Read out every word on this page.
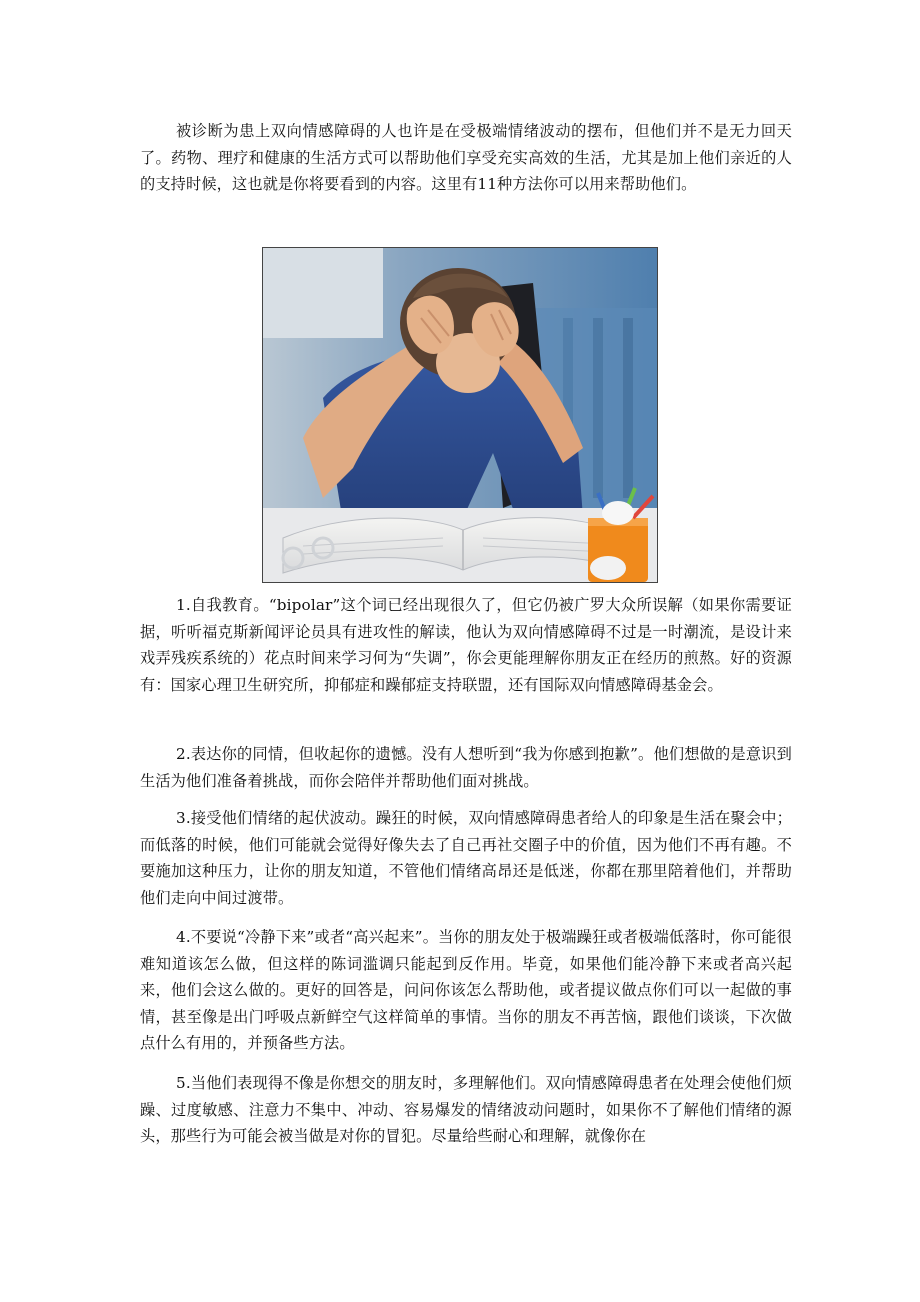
被诊断为患上双向情感障碍的人也许是在受极端情绪波动的摆布，但他们并不是无力回天了。药物、理疗和健康的生活方式可以帮助他们享受充实高效的生活，尤其是加上他们亲近的人的支持时候，这也就是你将要看到的内容。这里有11种方法你可以用来帮助他们。

1.自我教育。“bipolar”这个词已经出现很久了，但它仍被广罗大众所误解（如果你需要证据，听听福克斯新闻评论员具有进攻性的解读，他认为双向情感障碍不过是一时潮流，是设计来戏弄残疾系统的）花点时间来学习何为“失调”，你会更能理解你朋友正在经历的煎熬。好的资源有：国家心理卫生研究所，抑郁症和躁郁症支持联盟，还有国际双向情感障碍基金会。

2.表达你的同情，但收起你的遗憾。没有人想听到“我为你感到抱歉”。他们想做的是意识到生活为他们准备着挑战，而你会陪伴并帮助他们面对挑战。

3.接受他们情绪的起伏波动。躁狂的时候，双向情感障碍患者给人的印象是生活在聚会中；而低落的时候，他们可能就会觉得好像失去了自己再社交圈子中的价值，因为他们不再有趣。不要施加这种压力，让你的朋友知道，不管他们情绪高昂还是低迷，你都在那里陪着他们，并帮助他们走向中间过渡带。

4.不要说“冷静下来”或者“高兴起来”。当你的朋友处于极端躁狂或者极端低落时，你可能很难知道该怎么做，但这样的陈词滥调只能起到反作用。毕竟，如果他们能冷静下来或者高兴起来，他们会这么做的。更好的回答是，问问你该怎么帮助他，或者提议做点你们可以一起做的事情，甚至像是出门呼吸点新鲜空气这样简单的事情。当你的朋友不再苦恼，跟他们谈谈，下次做点什么有用的，并预备些方法。

5.当他们表现得不像是你想交的朋友时，多理解他们。双向情感障碍患者在处理会使他们烦躁、过度敏感、注意力不集中、冲动、容易爆发的情绪波动问题时，如果你不了解他们情绪的源头，那些行为可能会被当做是对你的冒犯。尽量给些耐心和理解，就像你在
